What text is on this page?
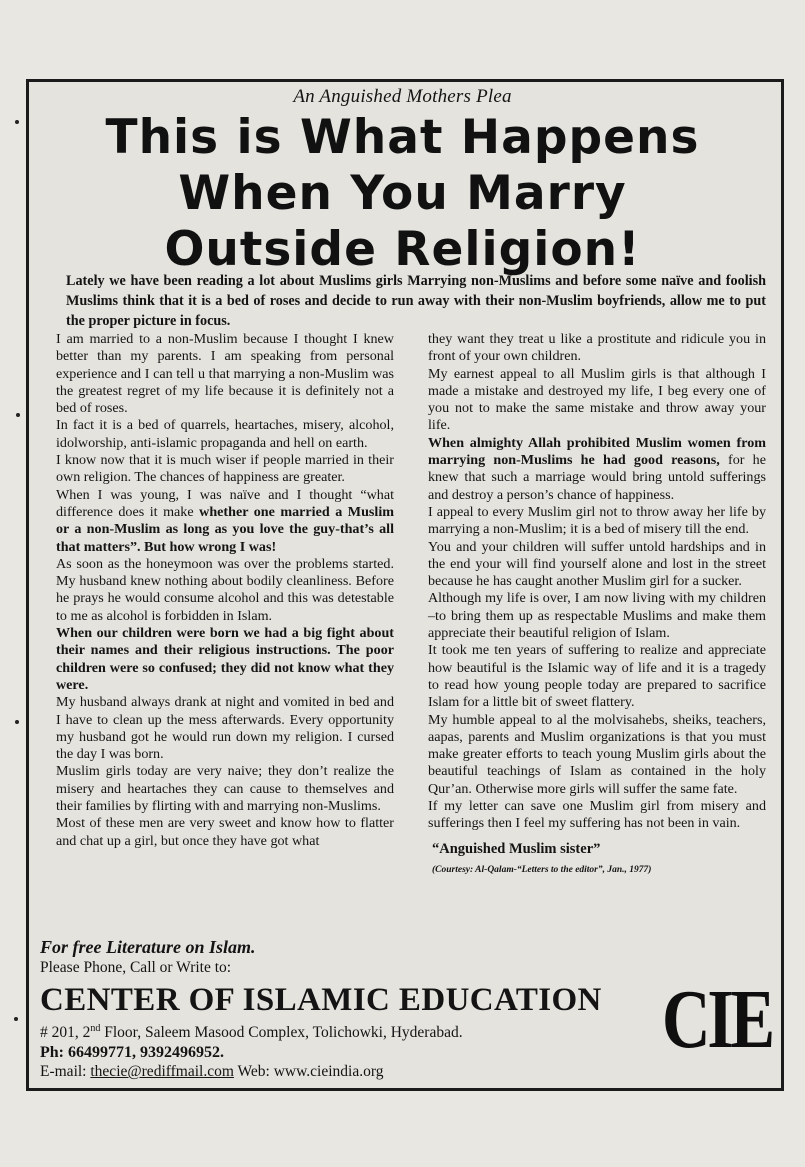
An Anguished Mothers Plea
This is What Happens
When You Marry
Outside Religion!
Lately we have been reading a lot about Muslims girls Marrying non-Muslims and before some naïve and foolish Muslims think that it is a bed of roses and decide to run away with their non-Muslim boyfriends, allow me to put the proper picture in focus.

I am married to a non-Muslim because I thought I knew better than my parents. I am speaking from personal experience and I can tell u that marrying a non-Muslim was the greatest regret of my life because it is definitely not a bed of roses.

In fact it is a bed of quarrels, heartaches, misery, alcohol, idolworship, anti-islamic propaganda and hell on earth.

I know now that it is much wiser if people married in their own religion. The chances of happiness are greater.

When I was young, I was naïve and I thought “what difference does it make whether one married a Muslim or a non-Muslim as long as you love the guy-that’s all that matters”. But how wrong I was!

As soon as the honeymoon was over the problems started. My husband knew nothing about bodily cleanliness. Before he prays he would consume alcohol and this was detestable to me as alcohol is forbidden in Islam.

When our children were born we had a big fight about their names and their religious instructions. The poor children were so confused; they did not know what they were.

My husband always drank at night and vomited in bed and I have to clean up the mess afterwards. Every opportunity my husband got he would run down my religion. I cursed the day I was born.

Muslim girls today are very naive; they don’t realize the misery and heartaches they can cause to themselves and their families by flirting with and marrying non-Muslims.

Most of these men are very sweet and know how to flatter and chat up a girl, but once they have got what

they want they treat u like a prostitute and ridicule you in front of your own children.

My earnest appeal to all Muslim girls is that although I made a mistake and destroyed my life, I beg every one of you not to make the same mistake and throw away your life.

When almighty Allah prohibited Muslim women from marrying non-Muslims he had good reasons, for he knew that such a marriage would bring untold sufferings and destroy a person’s chance of happiness.

I appeal to every Muslim girl not to throw away her life by marrying a non-Muslim; it is a bed of misery till the end.

You and your children will suffer untold hardships and in the end your will find yourself alone and lost in the street because he has caught another Muslim girl for a sucker.

Although my life is over, I am now living with my children –to bring them up as respectable Muslims and make them appreciate their beautiful religion of Islam.

It took me ten years of suffering to realize and appreciate how beautiful is the Islamic way of life and it is a tragedy to read how young people today are prepared to sacrifice Islam for a little bit of sweet flattery.

My humble appeal to al the molvisahebs, sheiks, teachers, aapas, parents and Muslim organizations is that you must make greater efforts to teach young Muslim girls about the beautiful teachings of Islam as contained in the holy Qur’an. Otherwise more girls will suffer the same fate.

If my letter can save one Muslim girl from misery and sufferings then I feel my suffering has not been in vain.

“Anguished Muslim sister”

(Courtesy: Al-Qalam-“Letters to the editor”, Jan., 1977)

For free Literature on Islam.
Please Phone, Call or Write to:
CENTER OF ISLAMIC EDUCATION
# 201, 2nd Floor, Saleem Masood Complex, Tolichowki, Hyderabad.
Ph: 66499771, 9392496952.
E-mail: thecie@rediffmail.com Web: www.cieindia.org
CIE
